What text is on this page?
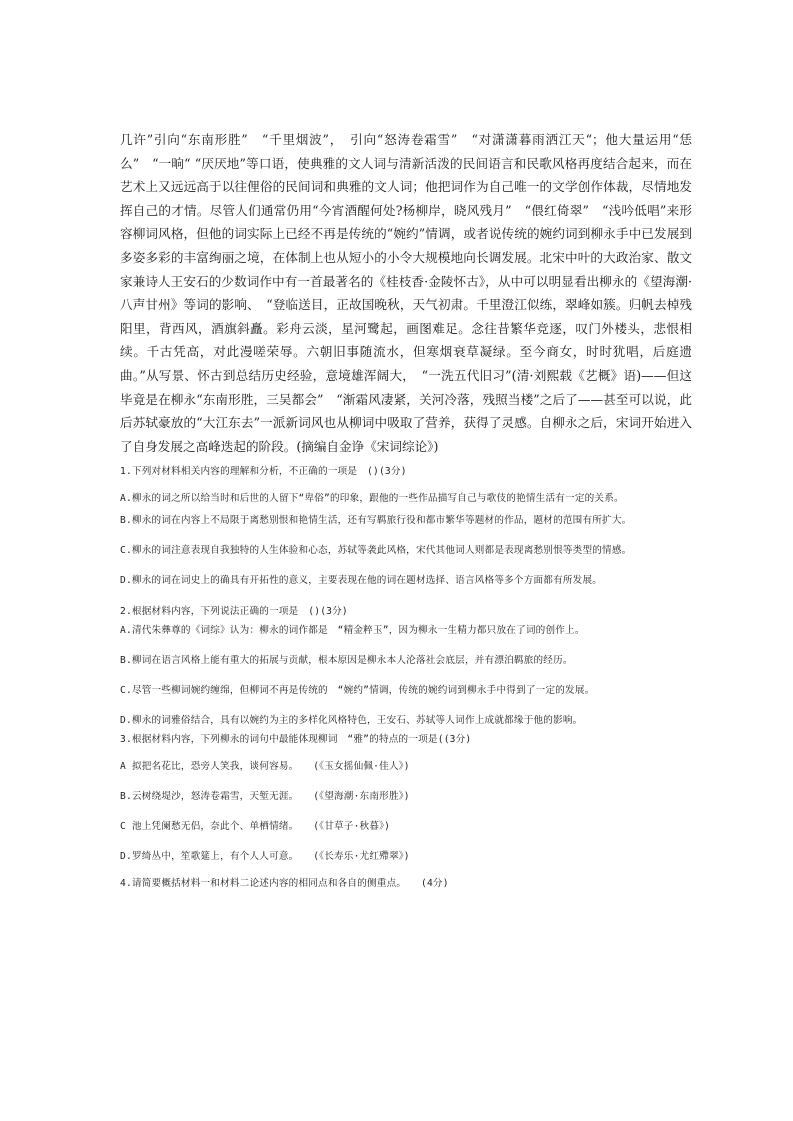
几许”引向“东南形胜”　“千里烟波”，　引向“怒涛卷霜雪”　“对潇潇暮雨洒江天“；他大量运用“恁么”　“一晌“ “厌厌地”等口语，使典雅的文人词与清新活泼的民间语言和民歌风格再度结合起来，而在艺术上又远远高于以往俚俗的民间词和典雅的文人词；他把词作为自己唯一的文学创作体裁，尽情地发挥自己的才情。尽管人们通常仍用“今宵酒醒何处?杨柳岸，晓风残月”　“偎红倚翠”　“浅吟低唱”来形容柳词风格，但他的词实际上已经不再是传统的“婉约”情调，或者说传统的婉约词到柳永手中已发展到多姿多彩的丰富绚丽之境，在体制上也从短小的小令大规模地向长调发展。北宋中叶的大政治家、散文家兼诗人王安石的少数词作中有一首最著名的《桂枝香·金陵怀古》，从中可以明显看出柳永的《望海潮·八声甘州》等词的影响、　“登临送目，正故国晚秋，天气初肃。千里澄江似练，翠峰如簇。归帆去棹残阳里，背西风，酒旗斜矗。彩舟云淡，星河鹭起，画图难足。念往昔繁华竞逐，叹门外楼头，悲恨相续。千古凭高，对此漫嗟荣辱。六朝旧事随流水，但寒烟衰草凝绿。至今商女，时时犹唱，后庭遗曲。”从写景、怀古到总结历史经验，意境雄浑阔大，　“一洗五代旧习”(清·刘熙载《艺概》语)——但这毕竟是在柳永“东南形胜，三吴都会”　“渐霜风凄紧，关河冷落，残照当楼”之后了——甚至可以说，此后苏轼豪放的“大江东去”一派新词风也从柳词中吸取了营养，获得了灵感。自柳永之后，宋词开始进入了自身发展之高峰迭起的阶段。(摘编自金诤《宋词综论》)

1.下列对材料相关内容的理解和分析，不正确的一项是　()(3分)

A.柳永的词之所以给当时和后世的人留下“卑俗”的印象，跟他的一些作品描写自己与歌伎的艳情生活有一定的关系。

B.柳永的词在内容上不局限于离愁别恨和艳情生活，还有写羁旅行役和都市繁华等题材的作品，题材的范围有所扩大。

C.柳永的词注意表现自我独特的人生体验和心态，苏轼等袭此风格，宋代其他词人则都是表现离愁别恨等类型的情感。

D.柳永的词在词史上的确具有开拓性的意义，主要表现在他的词在题材选择、语言风格等多个方面都有所发展。

2.根据材料内容，下列说法正确的一项是　()(3分)

A.清代朱彝尊的《词综》认为：柳永的词作都是　“精金粹玉”，因为柳永一生精力都只放在了词的创作上。

B.柳词在语言风格上能有重大的拓展与贡献，根本原因是柳永本人沦落社会底层，并有漂泊羁旅的经历。

C.尽管一些柳词婉约缠绵，但柳词不再是传统的　“婉约”情调，传统的婉约词到柳永手中得到了一定的发展。

D.柳永的词雅俗结合，具有以婉约为主的多样化风格特色，王安石、苏轼等人词作上成就都缘于他的影响。

3.根据材料内容，下列柳永的词句中最能体现柳词　“雅”的特点的一项是((3分)

A 拟把名花比，恐旁人笑我，谈何容易。　　(《玉女摇仙佩·佳人》)

B.云树绕堤沙，怒涛卷霜雪，天堑无涯。　　(《望海潮·东南形胜》)

C 池上凭阑愁无侣，奈此个、单栖情绪。　　(《甘草子·秋暮》)

D.罗绮丛中，笙歌筵上，有个人人可意。　　(《长寿乐·尤红殢翠》)

4.请简要概括材料一和材料二论述内容的相同点和各自的侧重点。　　(4分)
